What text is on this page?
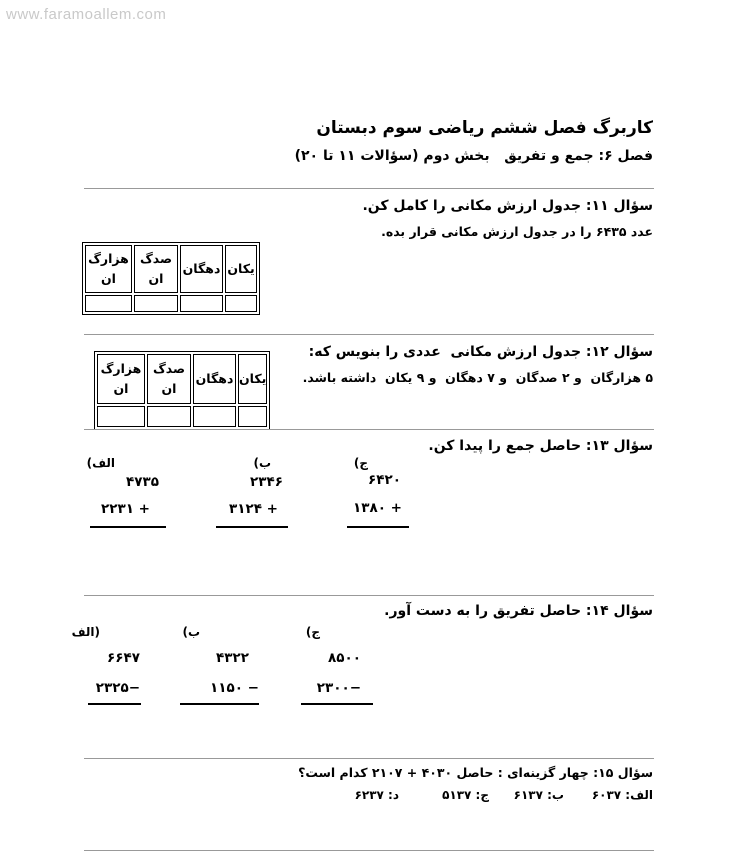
www.faramoallem.com
کاربرگ فصل ششم ریاضی سوم دبستان
فصل ۶: جمع و تفریق   بخش دوم (سؤالات ۱۱ تا ۲۰)
سؤال ۱۱: جدول ارزش مکانی را کامل کن.
عدد ۶۴۳۵ را در جدول ارزش مکانی قرار بده.
یکان	دهگان	صدگ ان	هزارگ ان

سؤال ۱۲: جدول ارزش مکانی  عددی را بنویس که:
۵ هزارگان  و ۲ صدگان  و ۷ دهگان  و ۹ یکان  داشته باشد.
یکان	دهگان	صدگ ان	هزارگ ان

سؤال ۱۳: حاصل جمع را پیدا کن.
الف)
۴۷۳۵
+ ۲۲۳۱
ب)
۲۳۴۶
+ ۳۱۲۴
ج)
۶۴۲۰
+ ۱۳۸۰
سؤال ۱۴: حاصل تفریق را به دست آور.
(الف
۶۶۴۷
−۲۳۲۵
ب)
۴۳۲۲
− ۱۱۵۰
ج)
۸۵۰۰
−۲۳۰۰
سؤال ۱۵: چهار گزینه‌ای : حاصل ۴۰۳۰ + ۲۱۰۷ کدام است؟
الف: ۶۰۳۷
ب: ۶۱۳۷
ج: ۵۱۳۷
د: ۶۲۳۷
